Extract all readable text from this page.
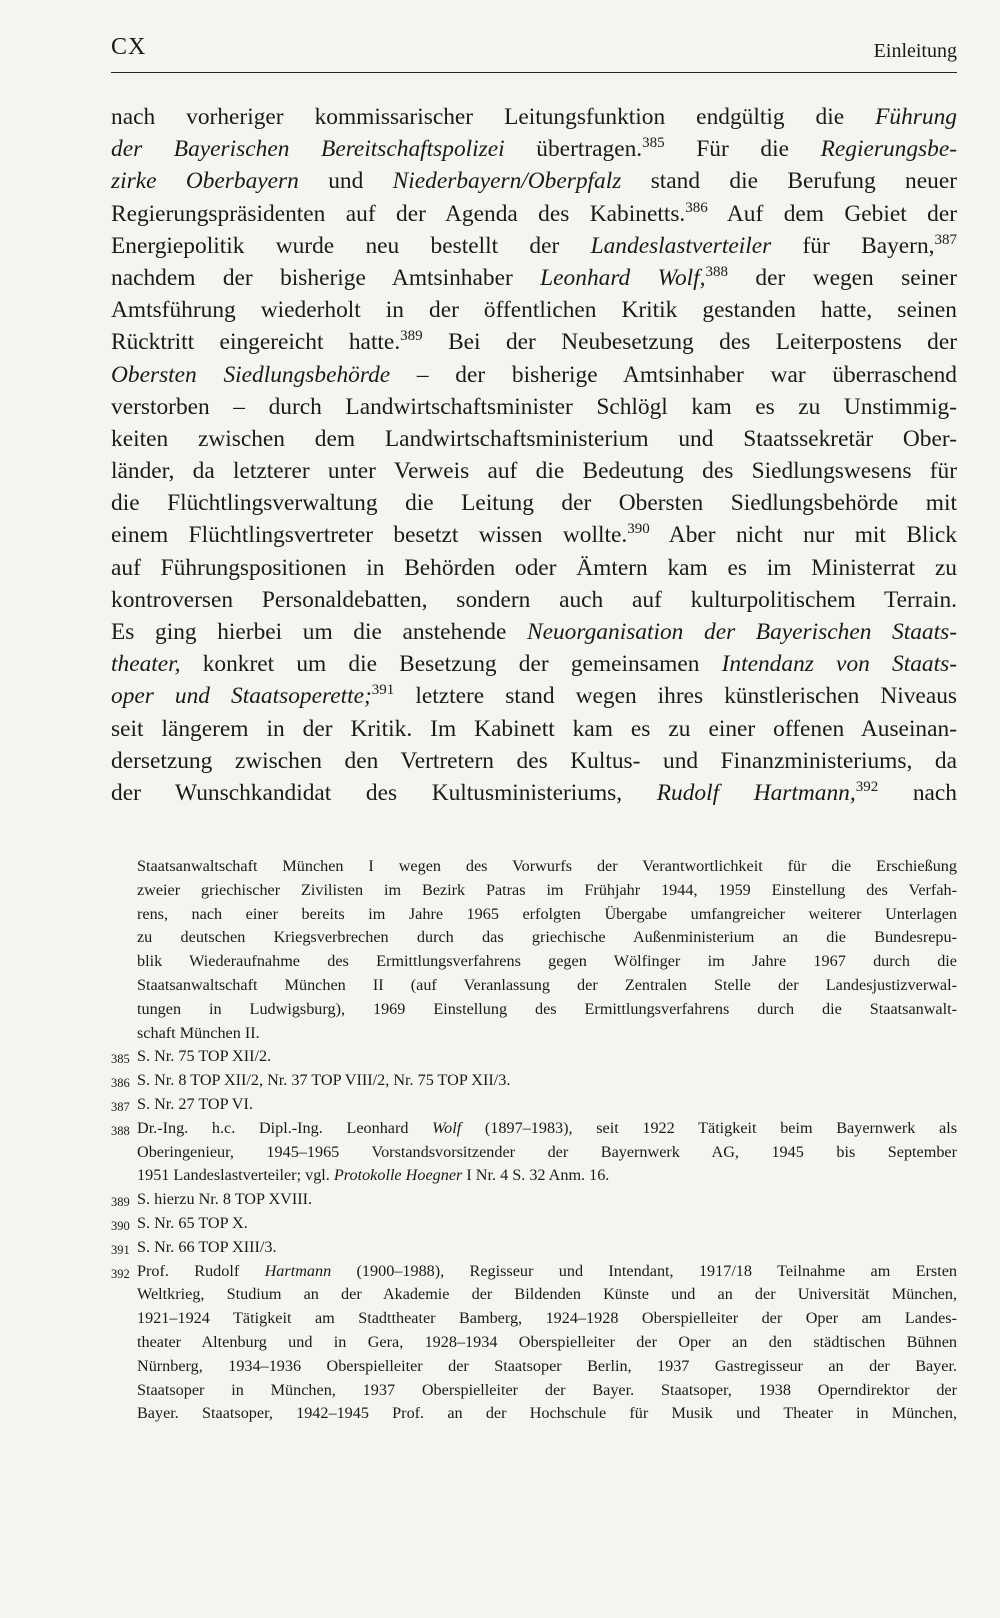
CX	Einleitung
nach vorheriger kommissarischer Leitungsfunktion endgültig die Führung
der Bayerischen Bereitschaftspolizei übertragen.$^{385}$ Für die Regierungsbe-
zirke Oberbayern und Niederbayern/Oberpfalz stand die Berufung neuer
Regierungspräsidenten auf der Agenda des Kabinetts.$^{386}$ Auf dem Gebiet der
Energiepolitik wurde neu bestellt der Landeslastverteiler für Bayern,$^{387}$
nachdem der bisherige Amtsinhaber Leonhard Wolf,$^{388}$ der wegen seiner
Amtsführung wiederholt in der öffentlichen Kritik gestanden hatte, seinen
Rücktritt eingereicht hatte.$^{389}$ Bei der Neubesetzung des Leiterpostens der
Obersten Siedlungsbehörde – der bisherige Amtsinhaber war überraschend
verstorben – durch Landwirtschaftsminister Schlögl kam es zu Unstimmig-
keiten zwischen dem Landwirtschaftsministerium und Staatssekretär Ober-
länder, da letzterer unter Verweis auf die Bedeutung des Siedlungswesens für
die Flüchtlingsverwaltung die Leitung der Obersten Siedlungsbehörde mit
einem Flüchtlingsvertreter besetzt wissen wollte.$^{390}$ Aber nicht nur mit Blick
auf Führungspositionen in Behörden oder Ämtern kam es im Ministerrat zu
kontroversen Personaldebatten, sondern auch auf kulturpolitischem Terrain.
Es ging hierbei um die anstehende Neuorganisation der Bayerischen Staats-
theater, konkret um die Besetzung der gemeinsamen Intendanz von Staats-
oper und Staatsoperette;$^{391}$ letztere stand wegen ihres künstlerischen Niveaus
seit längerem in der Kritik. Im Kabinett kam es zu einer offenen Auseinan-
dersetzung zwischen den Vertretern des Kultus- und Finanzministeriums, da
der Wunschkandidat des Kultusministeriums, Rudolf Hartmann,$^{392}$ nach
Staatsanwaltschaft München I wegen des Vorwurfs der Verantwortlichkeit für die Erschießung
zweier griechischer Zivilisten im Bezirk Patras im Frühjahr 1944, 1959 Einstellung des Verfah-
rens, nach einer bereits im Jahre 1965 erfolgten Übergabe umfangreicher weiterer Unterlagen
zu deutschen Kriegsverbrechen durch das griechische Außenministerium an die Bundesrepu-
blik Wiederaufnahme des Ermittlungsverfahrens gegen Wölfinger im Jahre 1967 durch die
Staatsanwaltschaft München II (auf Veranlassung der Zentralen Stelle der Landesjustizverwal-
tungen in Ludwigsburg), 1969 Einstellung des Ermittlungsverfahrens durch die Staatsanwalt-
schaft München II.
385 S. Nr. 75 TOP XII/2.
386 S. Nr. 8 TOP XII/2, Nr. 37 TOP VIII/2, Nr. 75 TOP XII/3.
387 S. Nr. 27 TOP VI.
388 Dr.-Ing. h.c. Dipl.-Ing. Leonhard Wolf (1897–1983), seit 1922 Tätigkeit beim Bayernwerk als
Oberingenieur, 1945–1965 Vorstandsvorsitzender der Bayernwerk AG, 1945 bis September
1951 Landeslastverteiler; vgl. Protokolle Hoegner I Nr. 4 S. 32 Anm. 16.
389 S. hierzu Nr. 8 TOP XVIII.
390 S. Nr. 65 TOP X.
391 S. Nr. 66 TOP XIII/3.
392 Prof. Rudolf Hartmann (1900–1988), Regisseur und Intendant, 1917/18 Teilnahme am Ersten
Weltkrieg, Studium an der Akademie der Bildenden Künste und an der Universität München,
1921–1924 Tätigkeit am Stadttheater Bamberg, 1924–1928 Oberspielleiter der Oper am Landes-
theater Altenburg und in Gera, 1928–1934 Oberspielleiter der Oper an den städtischen Bühnen
Nürnberg, 1934–1936 Oberspielleiter der Staatsoper Berlin, 1937 Gastregisseur an der Bayer.
Staatsoper in München, 1937 Oberspielleiter der Bayer. Staatsoper, 1938 Operndirektor der
Bayer. Staatsoper, 1942–1945 Prof. an der Hochschule für Musik und Theater in München,
